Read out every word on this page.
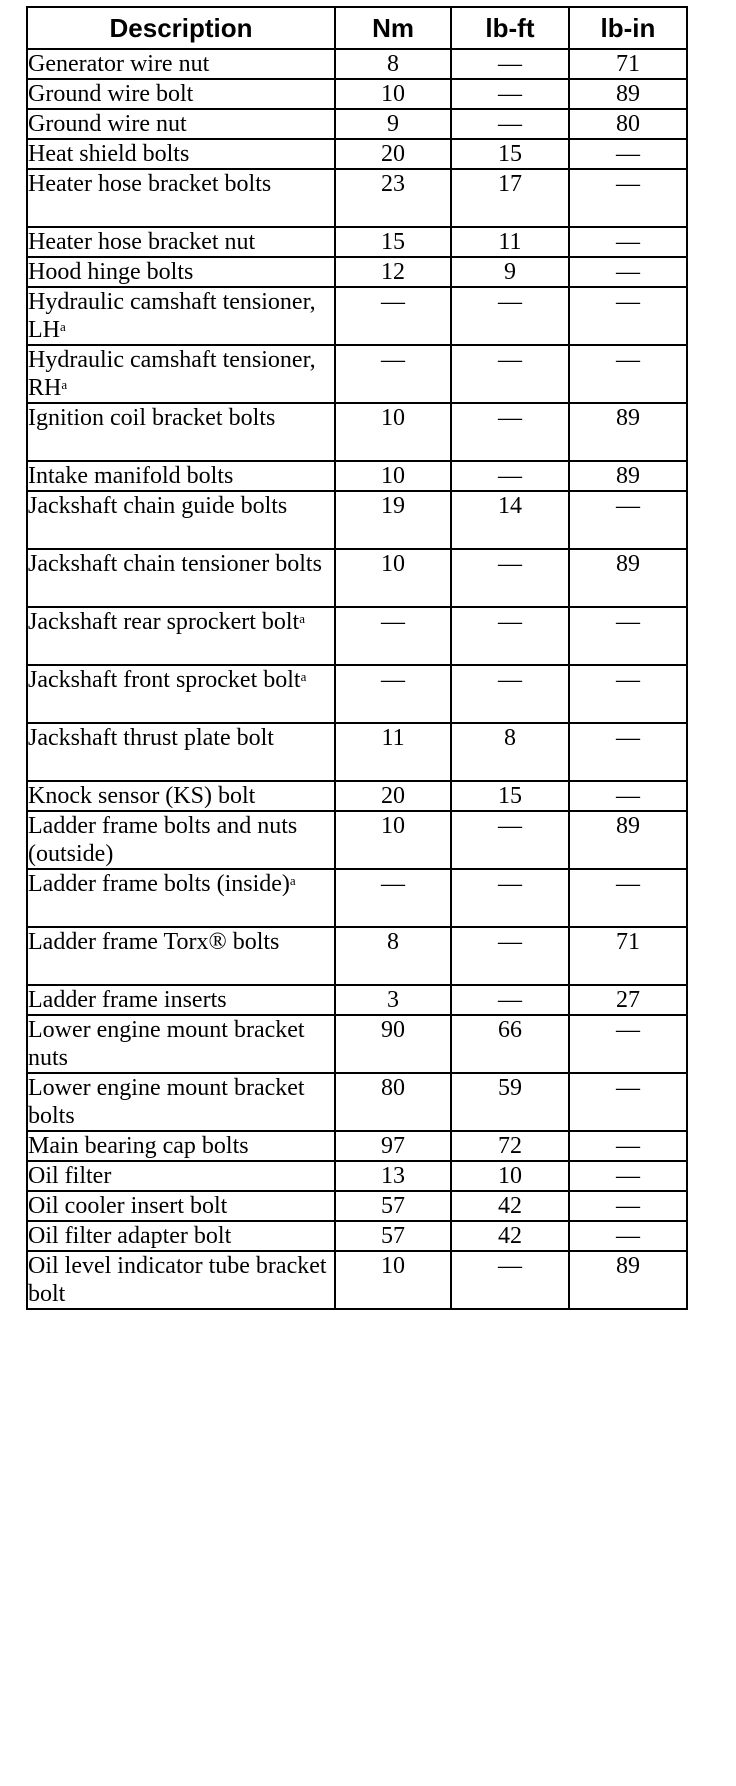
Description	Nm	lb-ft	lb-in
Generator wire nut	8	—	71
Ground wire bolt	10	—	89
Ground wire nut	9	—	80
Heat shield bolts	20	15	—
Heater hose bracket bolts	23	17	—
Heater hose bracket nut	15	11	—
Hood hinge bolts	12	9	—
Hydraulic camshaft tensioner, $LH^a$	—	—	—
Hydraulic camshaft tensioner, $RH^a$	—	—	—
Ignition coil bracket bolts	10	—	89
Intake manifold bolts	10	—	89
Jackshaft chain guide bolts	19	14	—
Jackshaft chain tensioner bolts	10	—	89
Jackshaft rear sprockert bolt$^a$	—	—	—
Jackshaft front sprocket bolt$^a$	—	—	—
Jackshaft thrust plate bolt	11	8	—
Knock sensor (KS) bolt	20	15	—
Ladder frame bolts and nuts (outside)	10	—	89
Ladder frame bolts (inside)$^a$	—	—	—
Ladder frame Torx® bolts	8	—	71
Ladder frame inserts	3	—	27
Lower engine mount bracket nuts	90	66	—
Lower engine mount bracket bolts	80	59	—
Main bearing cap bolts	97	72	—
Oil filter	13	10	—
Oil cooler insert bolt	57	42	—
Oil filter adapter bolt	57	42	—
Oil level indicator tube bracket bolt	10	—	89
